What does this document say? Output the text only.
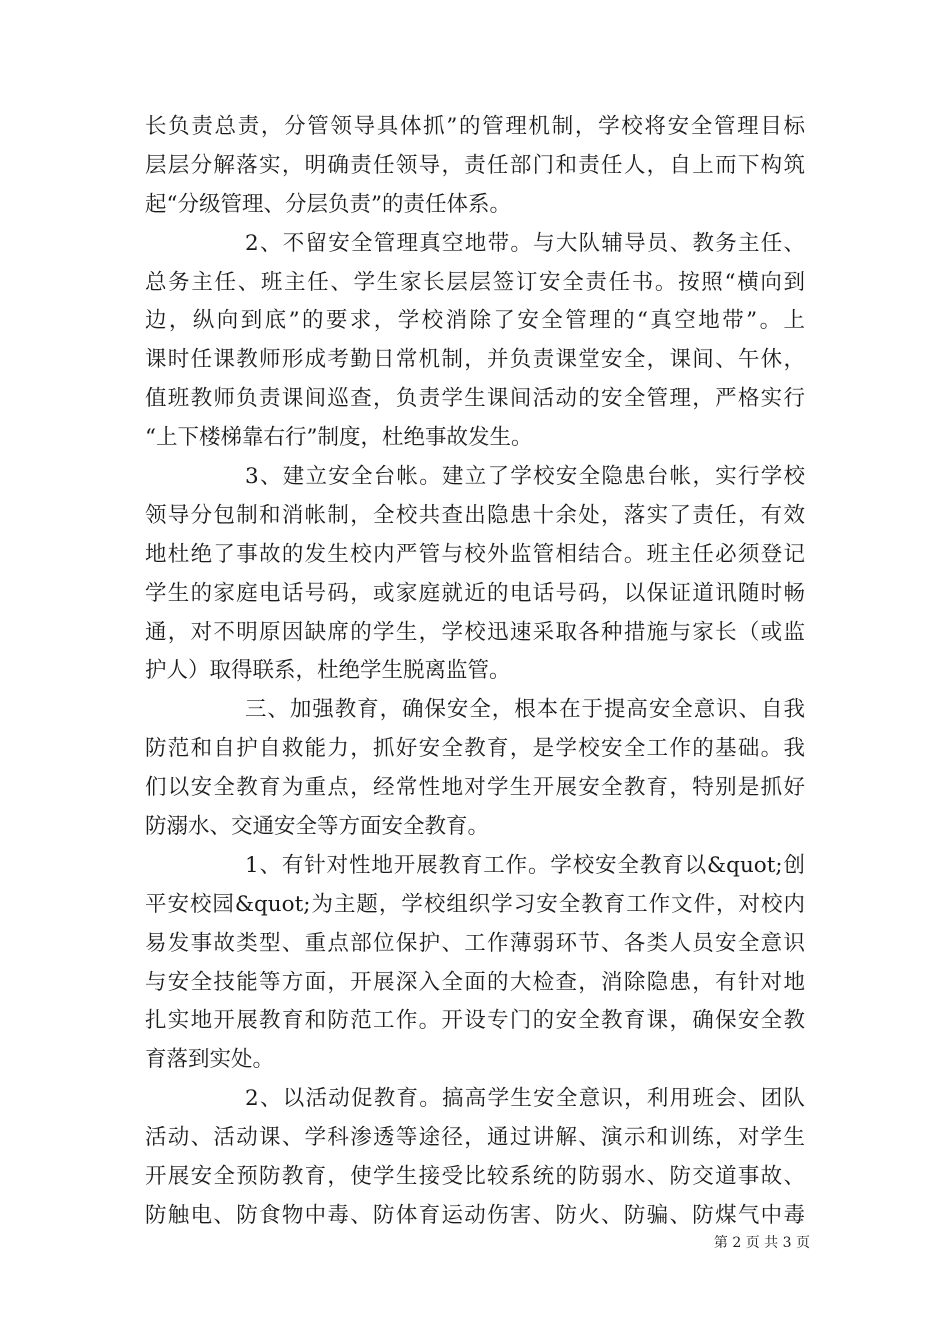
长负责总责，分管领导具体抓”的管理机制，学校将安全管理目标
层层分解落实，明确责任领导，责任部门和责任人，自上而下构筑
起“分级管理、分层负责”的责任体系。
2、不留安全管理真空地带。与大队辅导员、教务主任、
总务主任、班主任、学生家长层层签订安全责任书。按照“横向到
边，纵向到底”的要求，学校消除了安全管理的“真空地带”。上
课时任课教师形成考勤日常机制，并负责课堂安全，课间、午休，
值班教师负责课间巡查，负责学生课间活动的安全管理，严格实行
“上下楼梯靠右行”制度，杜绝事故发生。
3、建立安全台帐。建立了学校安全隐患台帐，实行学校
领导分包制和消帐制，全校共查出隐患十余处，落实了责任，有效
地杜绝了事故的发生校内严管与校外监管相结合。班主任必须登记
学生的家庭电话号码，或家庭就近的电话号码，以保证道讯随时畅
通，对不明原因缺席的学生，学校迅速采取各种措施与家长（或监
护人）取得联系，杜绝学生脱离监管。
三、加强教育，确保安全，根本在于提高安全意识、自我
防范和自护自救能力，抓好安全教育，是学校安全工作的基础。我
们以安全教育为重点，经常性地对学生开展安全教育，特别是抓好
防溺水、交通安全等方面安全教育。
1、有针对性地开展教育工作。学校安全教育以&quot;创
平安校园&quot;为主题，学校组织学习安全教育工作文件，对校内
易发事故类型、重点部位保护、工作薄弱环节、各类人员安全意识
与安全技能等方面，开展深入全面的大检查，消除隐患，有针对地
扎实地开展教育和防范工作。开设专门的安全教育课，确保安全教
育落到实处。
2、以活动促教育。搞高学生安全意识，利用班会、团队
活动、活动课、学科渗透等途径，通过讲解、演示和训练，对学生
开展安全预防教育，使学生接受比较系统的防弱水、防交道事故、
防触电、防食物中毒、防体育运动伤害、防火、防骗、防煤气中毒
第 2 页 共 3 页
